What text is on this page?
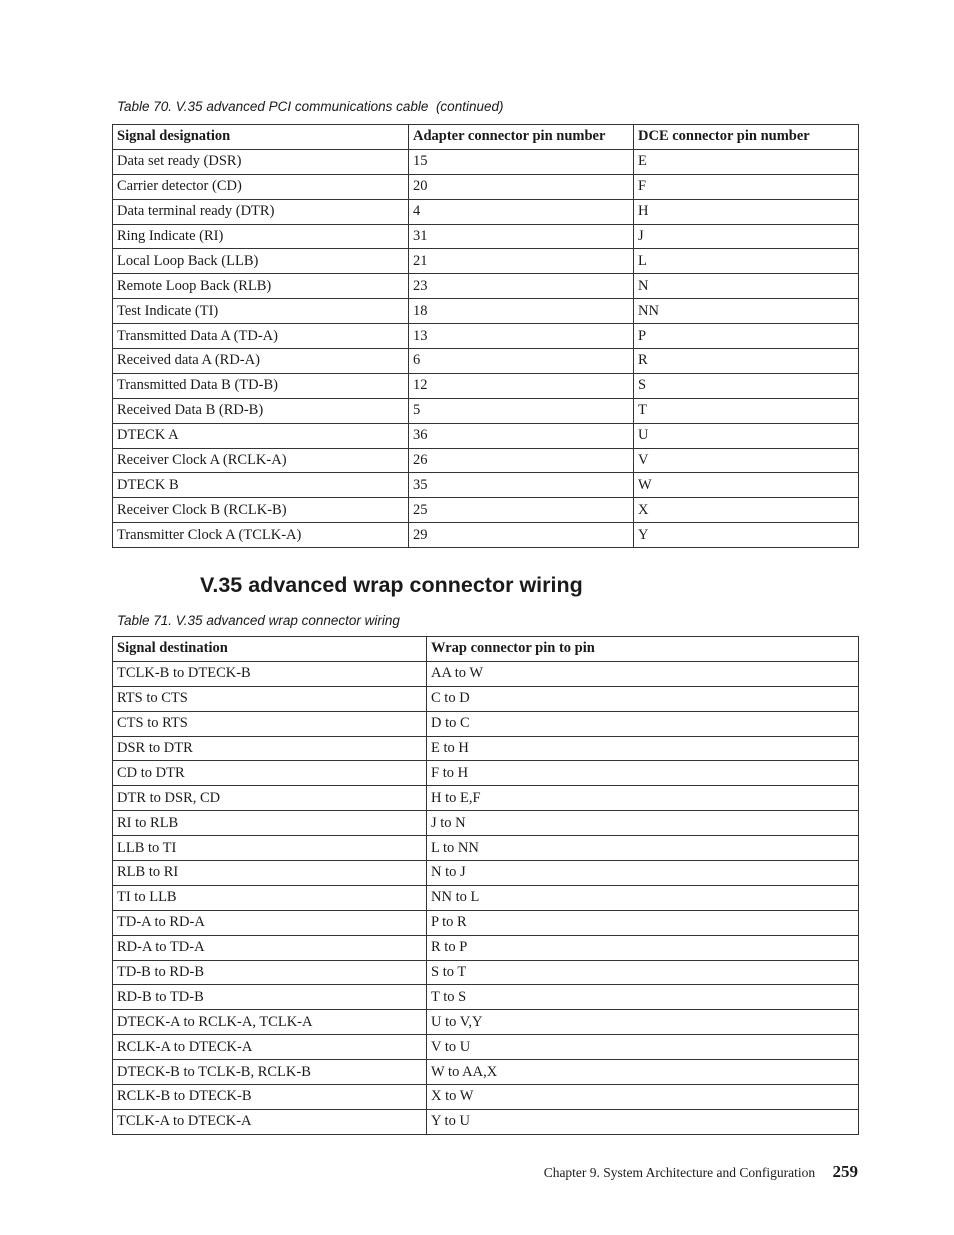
Table 70. V.35 advanced PCI communications cable  (continued)
Signal designation	Adapter connector pin number	DCE connector pin number
Data set ready (DSR)	15	E
Carrier detector (CD)	20	F
Data terminal ready (DTR)	4	H
Ring Indicate (RI)	31	J
Local Loop Back (LLB)	21	L
Remote Loop Back (RLB)	23	N
Test Indicate (TI)	18	NN
Transmitted Data A (TD-A)	13	P
Received data A (RD-A)	6	R
Transmitted Data B (TD-B)	12	S
Received Data B (RD-B)	5	T
DTECK A	36	U
Receiver Clock A (RCLK-A)	26	V
DTECK B	35	W
Receiver Clock B (RCLK-B)	25	X
Transmitter Clock A (TCLK-A)	29	Y
V.35 advanced wrap connector wiring
Table 71. V.35 advanced wrap connector wiring
Signal destination	Wrap connector pin to pin
TCLK-B to DTECK-B	AA to W
RTS to CTS	C to D
CTS to RTS	D to C
DSR to DTR	E to H
CD to DTR	F to H
DTR to DSR, CD	H to E,F
RI to RLB	J to N
LLB to TI	L to NN
RLB to RI	N to J
TI to LLB	NN to L
TD-A to RD-A	P to R
RD-A to TD-A	R to P
TD-B to RD-B	S to T
RD-B to TD-B	T to S
DTECK-A to RCLK-A, TCLK-A	U to V,Y
RCLK-A to DTECK-A	V to U
DTECK-B to TCLK-B, RCLK-B	W to AA,X
RCLK-B to DTECK-B	X to W
TCLK-A to DTECK-A	Y to U
Chapter 9. System Architecture and Configuration 259
